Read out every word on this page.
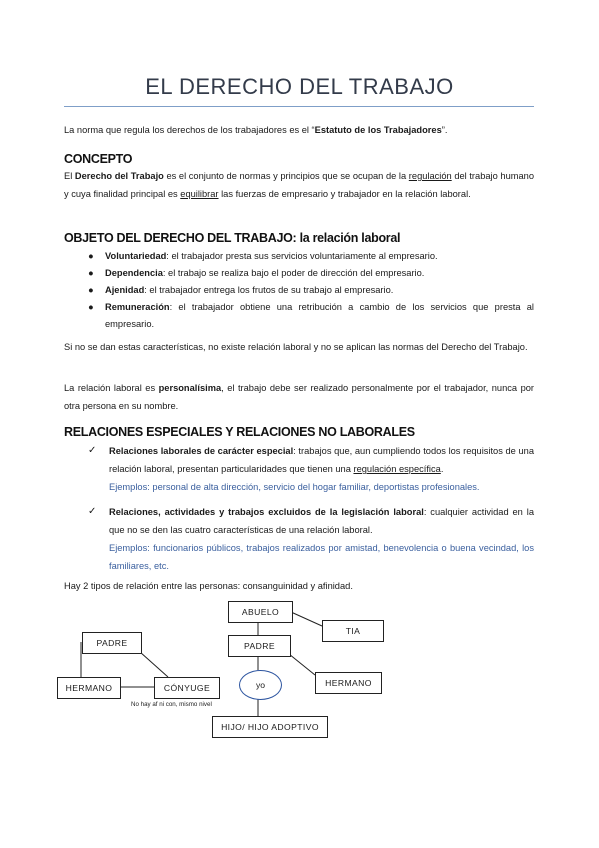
EL DERECHO DEL TRABAJO
La norma que regula los derechos de los trabajadores es el “Estatuto de los Trabajadores”.
CONCEPTO
El Derecho del Trabajo es el conjunto de normas y principios que se ocupan de la regulación del trabajo humano y cuya finalidad principal es equilibrar las fuerzas de empresario y trabajador en la relación laboral.
OBJETO DEL DERECHO DEL TRABAJO: la relación laboral
● Voluntariedad: el trabajador presta sus servicios voluntariamente al empresario.
● Dependencia: el trabajo se realiza bajo el poder de dirección del empresario.
● Ajenidad: el trabajador entrega los frutos de su trabajo al empresario.
● Remuneración: el trabajador obtiene una retribución a cambio de los servicios que presta al empresario.
Si no se dan estas características, no existe relación laboral y no se aplican las normas del Derecho del Trabajo.
La relación laboral es personalísima, el trabajo debe ser realizado personalmente por el trabajador, nunca por otra persona en su nombre.
RELACIONES ESPECIALES Y RELACIONES NO LABORALES
✓ Relaciones laborales de carácter especial: trabajos que, aun cumpliendo todos los requisitos de una relación laboral, presentan particularidades que tienen una regulación específica.
Ejemplos: personal de alta dirección, servicio del hogar familiar, deportistas profesionales.
✓ Relaciones, actividades y trabajos excluidos de la legislación laboral: cualquier actividad en la que no se den las cuatro características de una relación laboral.
Ejemplos: funcionarios públicos, trabajos realizados por amistad, benevolencia o buena vecindad, los familiares, etc.
Hay 2 tipos de relación entre las personas: consanguinidad y afinidad.
PADRE
HERMANO	CÓNYUGE
No hay af ni con, mismo nivel
ABUELO
TIA
PADRE
yo	HERMANO
HIJO/ HIJO ADOPTIVO
